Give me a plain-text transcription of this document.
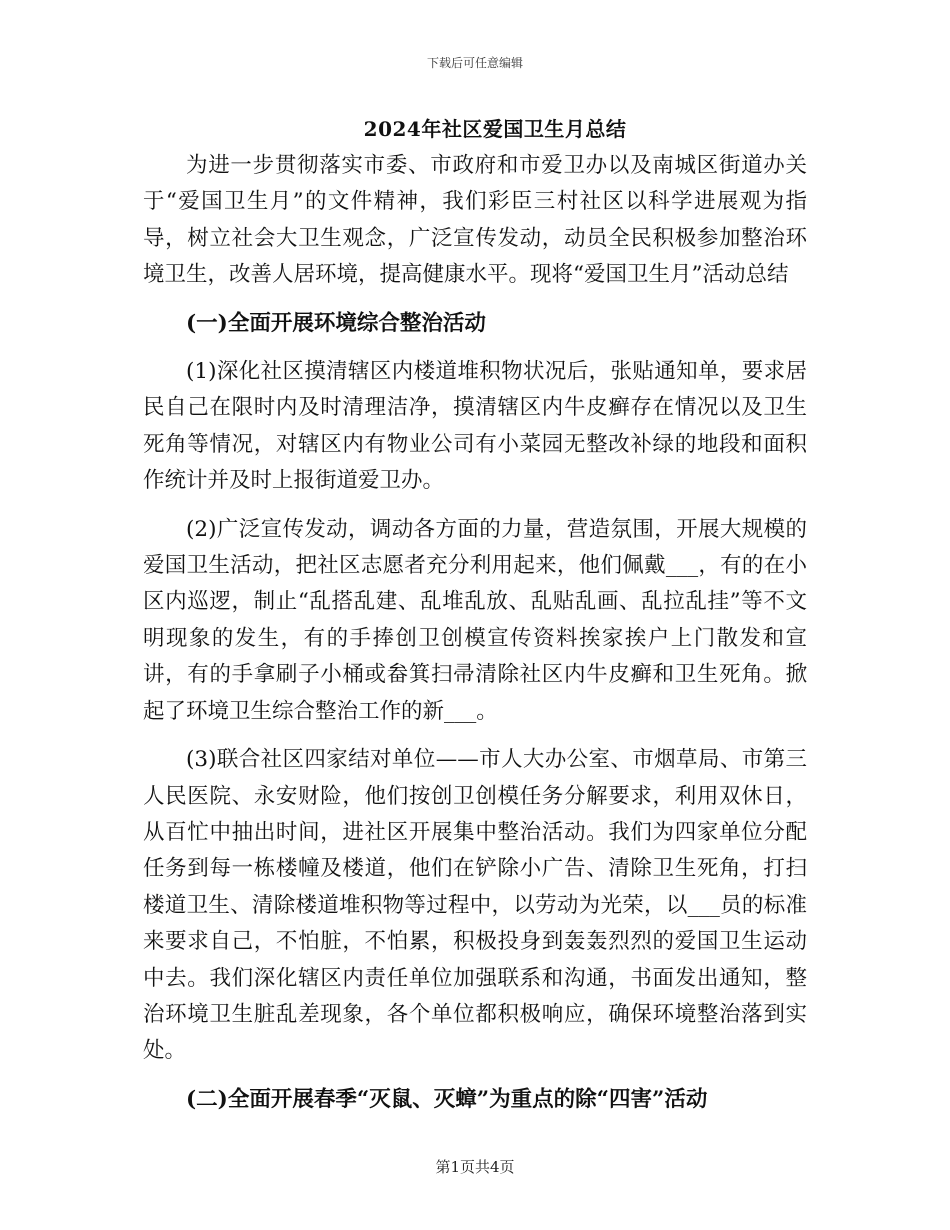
下载后可任意编辑
2024年社区爱国卫生月总结

为进一步贯彻落实市委、市政府和市爱卫办以及南城区街道办关于“爱国卫生月”的文件精神，我们彩臣三村社区以科学进展观为指导，树立社会大卫生观念，广泛宣传发动，动员全民积极参加整治环境卫生，改善人居环境，提高健康水平。现将“爱国卫生月”活动总结

(一)全面开展环境综合整治活动

(1)深化社区摸清辖区内楼道堆积物状况后，张贴通知单，要求居民自己在限时内及时清理洁净，摸清辖区内牛皮癣存在情况以及卫生死角等情况，对辖区内有物业公司有小菜园无整改补绿的地段和面积作统计并及时上报街道爱卫办。

(2)广泛宣传发动，调动各方面的力量，营造氛围，开展大规模的爱国卫生活动，把社区志愿者充分利用起来，他们佩戴___，有的在小区内巡逻，制止“乱搭乱建、乱堆乱放、乱贴乱画、乱拉乱挂”等不文明现象的发生，有的手捧创卫创模宣传资料挨家挨户上门散发和宣讲，有的手拿刷子小桶或畚箕扫帚清除社区内牛皮癣和卫生死角。掀起了环境卫生综合整治工作的新___。

(3)联合社区四家结对单位——市人大办公室、市烟草局、市第三人民医院、永安财险，他们按创卫创模任务分解要求，利用双休日，从百忙中抽出时间，进社区开展集中整治活动。我们为四家单位分配任务到每一栋楼幢及楼道，他们在铲除小广告、清除卫生死角，打扫楼道卫生、清除楼道堆积物等过程中，以劳动为光荣，以___员的标准来要求自己，不怕脏，不怕累，积极投身到轰轰烈烈的爱国卫生运动中去。我们深化辖区内责任单位加强联系和沟通，书面发出通知，整治环境卫生脏乱差现象，各个单位都积极响应，确保环境整治落到实处。

(二)全面开展春季“灭鼠、灭蟑”为重点的除“四害”活动
第1页共4页
